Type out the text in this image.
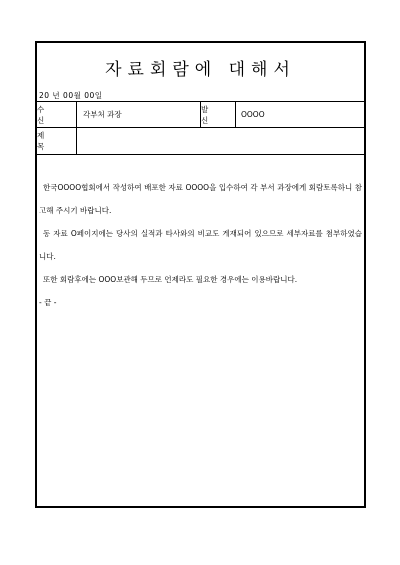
자료회람에 대해서
20 년 00월 00일
수 신
각부처 과장
발 신
OOOO
제 목

한국OOOO협회에서 작성하여 배포한 자료 OOOO을 입수하여 각 부서 과장에게 회람토록하니 참고해 주시기 바랍니다.

동 자료 O페이지에는 당사의 실적과 타사와의 비교도 게재되어 있으므로 세부자료를 첨부하였습니다.

또한 회람후에는 OOO보관해 두므로 언제라도 필요한 경우에는 이용바랍니다.

- 끝 -
